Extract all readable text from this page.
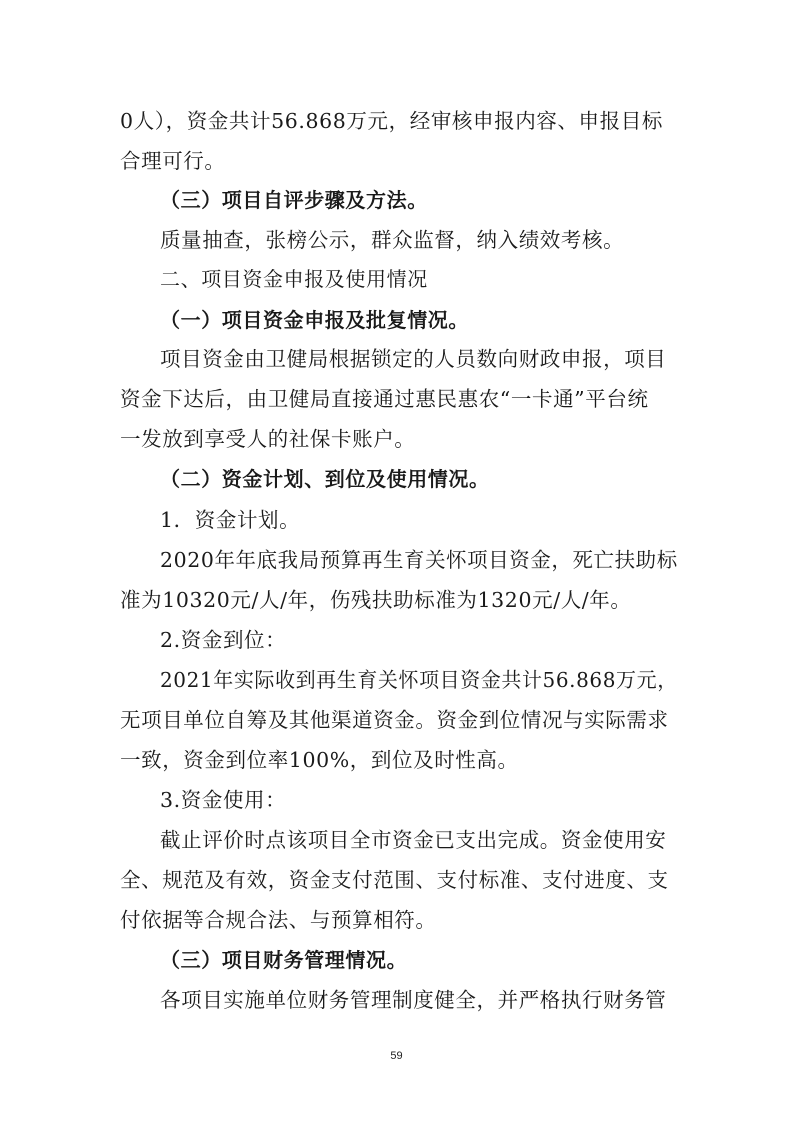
0人），资金共计56.868万元，经审核申报内容、申报目标
合理可行。
（三）项目自评步骤及方法。
质量抽查，张榜公示，群众监督，纳入绩效考核。
二、项目资金申报及使用情况
（一）项目资金申报及批复情况。
项目资金由卫健局根据锁定的人员数向财政申报，项目
资金下达后，由卫健局直接通过惠民惠农“一卡通”平台统
一发放到享受人的社保卡账户。
（二）资金计划、到位及使用情况。
1．资金计划。
2020年年底我局预算再生育关怀项目资金，死亡扶助标
准为10320元/人/年，伤残扶助标准为1320元/人/年。
2.资金到位：
2021年实际收到再生育关怀项目资金共计56.868万元，
无项目单位自筹及其他渠道资金。资金到位情况与实际需求
一致，资金到位率100%，到位及时性高。
3.资金使用：
截止评价时点该项目全市资金已支出完成。资金使用安
全、规范及有效，资金支付范围、支付标准、支付进度、支
付依据等合规合法、与预算相符。
（三）项目财务管理情况。
各项目实施单位财务管理制度健全，并严格执行财务管
59
